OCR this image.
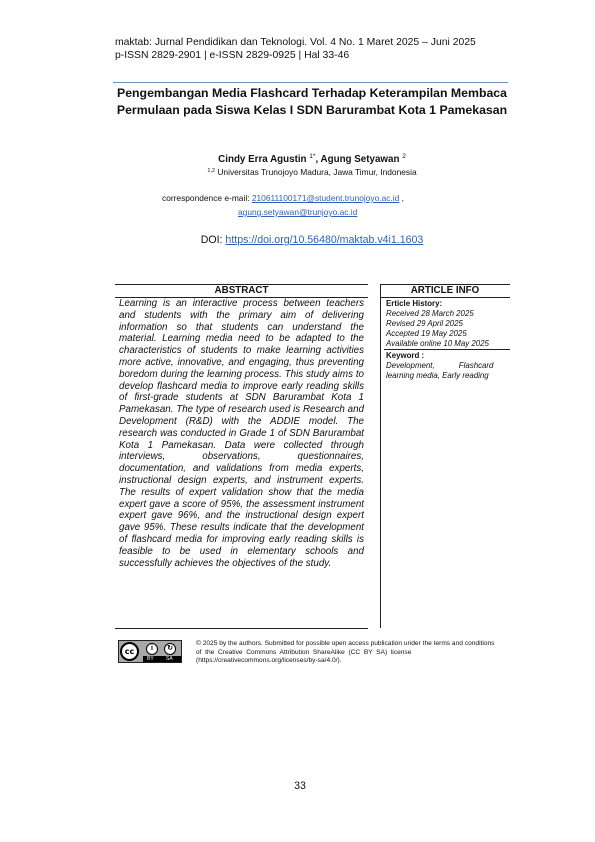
maktab: Jurnal Pendidikan dan Teknologi. Vol. 4 No. 1 Maret 2025 – Juni 2025
p-ISSN 2829-2901 | e-ISSN 2829-0925 | Hal 33-46
Pengembangan Media Flashcard Terhadap Keterampilan Membaca Permulaan pada Siswa Kelas I SDN Barurambat Kota 1 Pamekasan
Cindy Erra Agustin $^{1*}$, Agung Setyawan $^2$
$^{1,2}$ Universitas Trunojoyo Madura, Jawa Timur, Indonesia
correspondence e-mail: 210611100171@student.trunojoyo.ac.id ,
agung.setyawan@trunjoyo.ac.id
DOI: https://doi.org/10.56480/maktab.v4i1.1603
ABSTRACT
Learning is an interactive process between teachers and students with the primary aim of delivering information so that students can understand the material. Learning media need to be adapted to the characteristics of students to make learning activities more active, innovative, and engaging, thus preventing boredom during the learning process. This study aims to develop flashcard media to improve early reading skills of first-grade students at SDN Barurambat Kota 1 Pamekasan. The type of research used is Research and Development (R&D) with the ADDIE model. The research was conducted in Grade 1 of SDN Barurambat Kota 1 Pamekasan. Data were collected through interviews, observations, questionnaires, documentation, and validations from media experts, instructional design experts, and instrument experts. The results of expert validation show that the media expert gave a score of 95%, the assessment instrument expert gave 96%, and the instructional design expert gave 95%. These results indicate that the development of flashcard media for improving early reading skills is feasible to be used in elementary schools and successfully achieves the objectives of the study.
ARTICLE INFO
Erticle History:
Received 28 March 2025
Revised 29 April 2025
Accepted 19 May 2025
Available online 10 May 2025
Keyword :
Development,           Flashcard
learning media, Early reading
cc	i	↻
BY SA
© 2025 by the authors. Submitted for possible open access publication under the terms and conditions
of  the  Creative  Commons  Attribution  ShareAlike  (CC  BY  SA)  license
(https://creativecommons.org/licenses/by-sa/4.0/).
33
